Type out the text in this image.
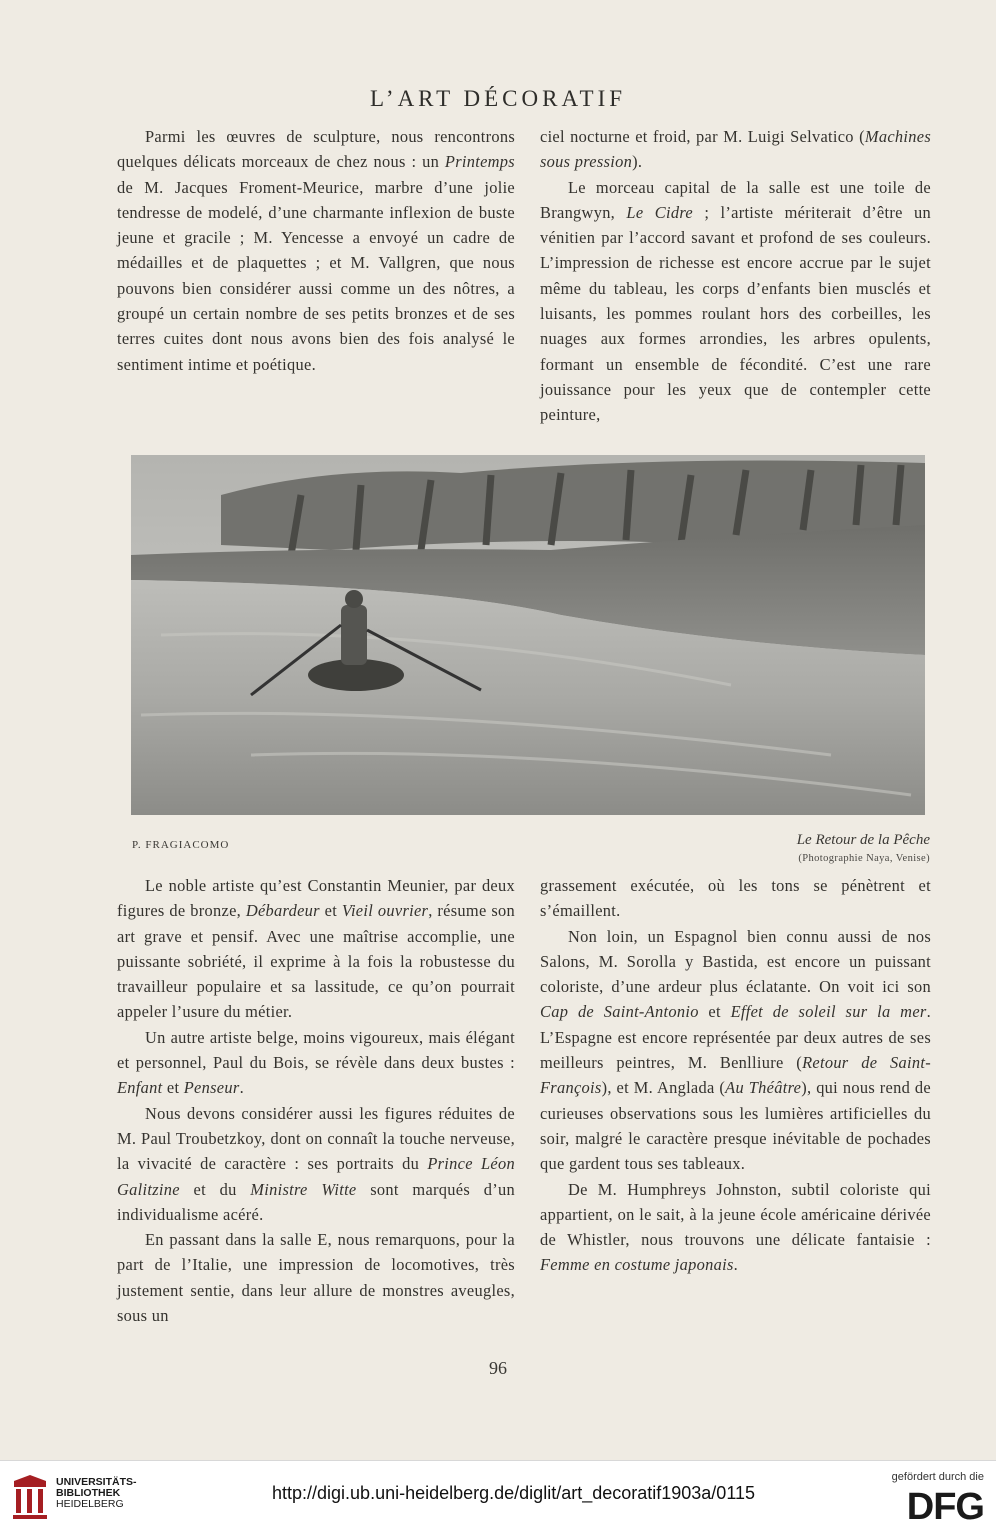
L’ART DÉCORATIF

Parmi les œuvres de sculpture, nous rencontrons quelques délicats morceaux de chez nous : un Printemps de M. Jacques Froment-Meurice, marbre d’une jolie tendresse de modelé, d’une charmante inflexion de buste jeune et gracile ; M. Yencesse a envoyé un cadre de médailles et de plaquettes ; et M. Vallgren, que nous pouvons bien considérer aussi comme un des nôtres, a groupé un certain nombre de ses petits bronzes et de ses terres cuites dont nous avons bien des fois analysé le sentiment intime et poétique.

ciel nocturne et froid, par M. Luigi Selvatico (Machines sous pression).

Le morceau capital de la salle est une toile de Brangwyn, Le Cidre ; l’artiste mériterait d’être un vénitien par l’accord savant et profond de ses couleurs. L’impression de richesse est encore accrue par le sujet même du tableau, les corps d’enfants bien musclés et luisants, les pommes roulant hors des corbeilles, les nuages aux formes arrondies, les arbres opulents, formant un ensemble de fécondité. C’est une rare jouissance pour les yeux que de contempler cette peinture,

P. FRAGIACOMO	Le Retour de la Pêche
(Photographie Naya, Venise)

Le noble artiste qu’est Constantin Meunier, par deux figures de bronze, Débardeur et Vieil ouvrier, résume son art grave et pensif. Avec une maîtrise accomplie, une puissante sobriété, il exprime à la fois la robustesse du travailleur populaire et sa lassitude, ce qu’on pourrait appeler l’usure du métier.

Un autre artiste belge, moins vigoureux, mais élégant et personnel, Paul du Bois, se révèle dans deux bustes : Enfant et Penseur.

Nous devons considérer aussi les figures réduites de M. Paul Troubetzkoy, dont on connaît la touche nerveuse, la vivacité de caractère : ses portraits du Prince Léon Galitzine et du Ministre Witte sont marqués d’un individualisme acéré.

En passant dans la salle E, nous remarquons, pour la part de l’Italie, une impression de locomotives, très justement sentie, dans leur allure de monstres aveugles, sous un

grassement exécutée, où les tons se pénètrent et s’émaillent.

Non loin, un Espagnol bien connu aussi de nos Salons, M. Sorolla y Bastida, est encore un puissant coloriste, d’une ardeur plus éclatante. On voit ici son Cap de Saint-Antonio et Effet de soleil sur la mer. L’Espagne est encore représentée par deux autres de ses meilleurs peintres, M. Benlliure (Retour de Saint-François), et M. Anglada (Au Théâtre), qui nous rend de curieuses observations sous les lumières artificielles du soir, malgré le caractère presque inévitable de pochades que gardent tous ses tableaux.

De M. Humphreys Johnston, subtil coloriste qui appartient, on le sait, à la jeune école américaine dérivée de Whistler, nous trouvons une délicate fantaisie : Femme en costume japonais.

96
UNIVERSITÄTS-
BIBLIOTHEK
HEIDELBERG
http://digi.ub.uni-heidelberg.de/diglit/art_decoratif1903a/0115
gefördert durch die
DFG
